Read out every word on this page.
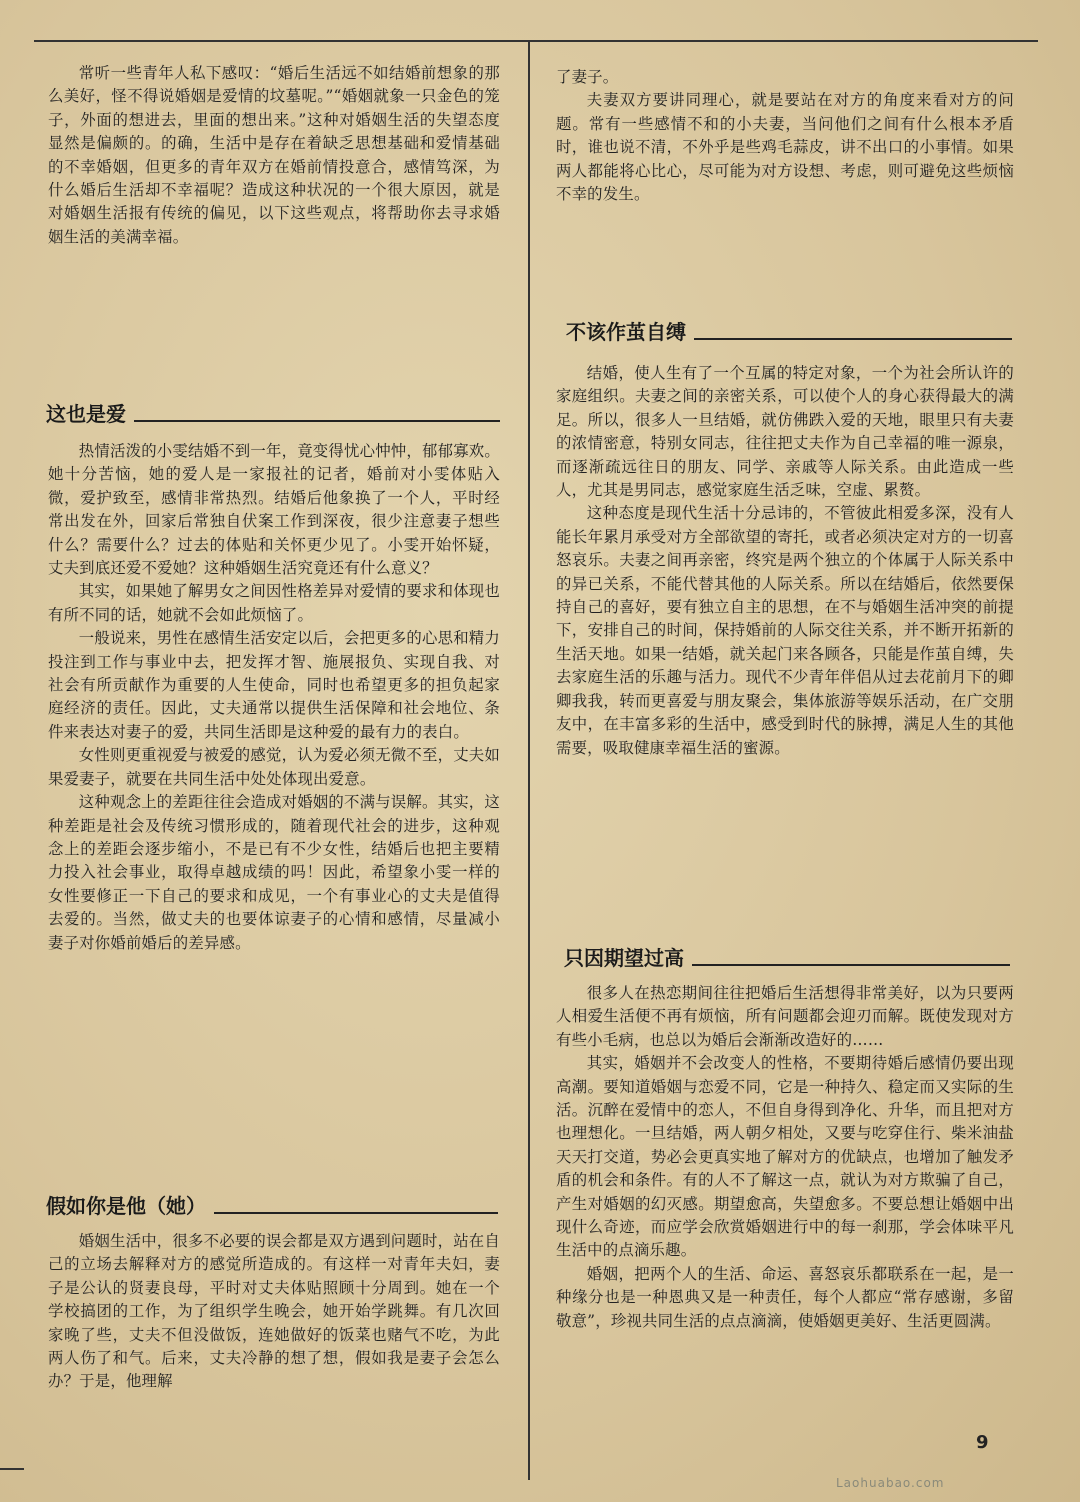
常听一些青年人私下感叹：“婚后生活远不如结婚前想象的那么美好，怪不得说婚姻是爱情的坟墓呢。”“婚姻就象一只金色的笼子，外面的想进去，里面的想出来。”这种对婚姻生活的失望态度显然是偏颇的。的确，生活中是存在着缺乏思想基础和爱情基础的不幸婚姻，但更多的青年双方在婚前情投意合，感情笃深，为什么婚后生活却不幸福呢？造成这种状况的一个很大原因，就是对婚姻生活报有传统的偏见，以下这些观点，将帮助你去寻求婚姻生活的美满幸福。

这也是爱

热情活泼的小雯结婚不到一年，竟变得忧心忡忡，郁郁寡欢。她十分苦恼，她的爱人是一家报社的记者，婚前对小雯体贴入微，爱护致至，感情非常热烈。结婚后他象换了一个人，平时经常出发在外，回家后常独自伏案工作到深夜，很少注意妻子想些什么？需要什么？过去的体贴和关怀更少见了。小雯开始怀疑，丈夫到底还爱不爱她？这种婚姻生活究竟还有什么意义？

其实，如果她了解男女之间因性格差异对爱情的要求和体现也有所不同的话，她就不会如此烦恼了。

一般说来，男性在感情生活安定以后，会把更多的心思和精力投注到工作与事业中去，把发挥才智、施展报负、实现自我、对社会有所贡献作为重要的人生使命，同时也希望更多的担负起家庭经济的责任。因此，丈夫通常以提供生活保障和社会地位、条件来表达对妻子的爱，共同生活即是这种爱的最有力的表白。

女性则更重视爱与被爱的感觉，认为爱必须无微不至，丈夫如果爱妻子，就要在共同生活中处处体现出爱意。

这种观念上的差距往往会造成对婚姻的不满与误解。其实，这种差距是社会及传统习惯形成的，随着现代社会的进步，这种观念上的差距会逐步缩小，不是已有不少女性，结婚后也把主要精力投入社会事业，取得卓越成绩的吗！因此，希望象小雯一样的女性要修正一下自己的要求和成见，一个有事业心的丈夫是值得去爱的。当然，做丈夫的也要体谅妻子的心情和感情，尽量减小妻子对你婚前婚后的差异感。

假如你是他（她）

婚姻生活中，很多不必要的误会都是双方遇到问题时，站在自己的立场去解释对方的感觉所造成的。有这样一对青年夫妇，妻子是公认的贤妻良母，平时对丈夫体贴照顾十分周到。她在一个学校搞团的工作，为了组织学生晚会，她开始学跳舞。有几次回家晚了些，丈夫不但没做饭，连她做好的饭菜也赌气不吃，为此两人伤了和气。后来，丈夫冷静的想了想，假如我是妻子会怎么办？于是，他理解

了妻子。

夫妻双方要讲同理心，就是要站在对方的角度来看对方的问题。常有一些感情不和的小夫妻，当问他们之间有什么根本矛盾时，谁也说不清，不外乎是些鸡毛蒜皮，讲不出口的小事情。如果两人都能将心比心，尽可能为对方设想、考虑，则可避免这些烦恼不幸的发生。

不该作茧自缚

结婚，使人生有了一个互属的特定对象，一个为社会所认许的家庭组织。夫妻之间的亲密关系，可以使个人的身心获得最大的满足。所以，很多人一旦结婚，就仿佛跌入爱的天地，眼里只有夫妻的浓情密意，特别女同志，往往把丈夫作为自己幸福的唯一源泉，而逐渐疏远往日的朋友、同学、亲戚等人际关系。由此造成一些人，尤其是男同志，感觉家庭生活乏味，空虚、累赘。

这种态度是现代生活十分忌讳的，不管彼此相爱多深，没有人能长年累月承受对方全部欲望的寄托，或者必须决定对方的一切喜怒哀乐。夫妻之间再亲密，终究是两个独立的个体属于人际关系中的异已关系，不能代替其他的人际关系。所以在结婚后，依然要保持自己的喜好，要有独立自主的思想，在不与婚姻生活冲突的前提下，安排自己的时间，保持婚前的人际交往关系，并不断开拓新的生活天地。如果一结婚，就关起门来各顾各，只能是作茧自缚，失去家庭生活的乐趣与活力。现代不少青年伴侣从过去花前月下的卿卿我我，转而更喜爱与朋友聚会，集体旅游等娱乐活动，在广交朋友中，在丰富多彩的生活中，感受到时代的脉搏，满足人生的其他需要，吸取健康幸福生活的蜜源。

只因期望过高

很多人在热恋期间往往把婚后生活想得非常美好，以为只要两人相爱生活便不再有烦恼，所有问题都会迎刃而解。既使发现对方有些小毛病，也总以为婚后会渐渐改造好的……

其实，婚姻并不会改变人的性格，不要期待婚后感情仍要出现高潮。要知道婚姻与恋爱不同，它是一种持久、稳定而又实际的生活。沉醉在爱情中的恋人，不但自身得到净化、升华，而且把对方也理想化。一旦结婚，两人朝夕相处，又要与吃穿住行、柴米油盐天天打交道，势必会更真实地了解对方的优缺点，也增加了触发矛盾的机会和条件。有的人不了解这一点，就认为对方欺骗了自己，产生对婚姻的幻灭感。期望愈高，失望愈多。不要总想让婚姻中出现什么奇迹，而应学会欣赏婚姻进行中的每一刹那，学会体味平凡生活中的点滴乐趣。

婚姻，把两个人的生活、命运、喜怒哀乐都联系在一起，是一种缘分也是一种恩典又是一种责任，每个人都应“常存感谢，多留敬意”，珍视共同生活的点点滴滴，使婚姻更美好、生活更圆满。

9
Laohuabao.com
